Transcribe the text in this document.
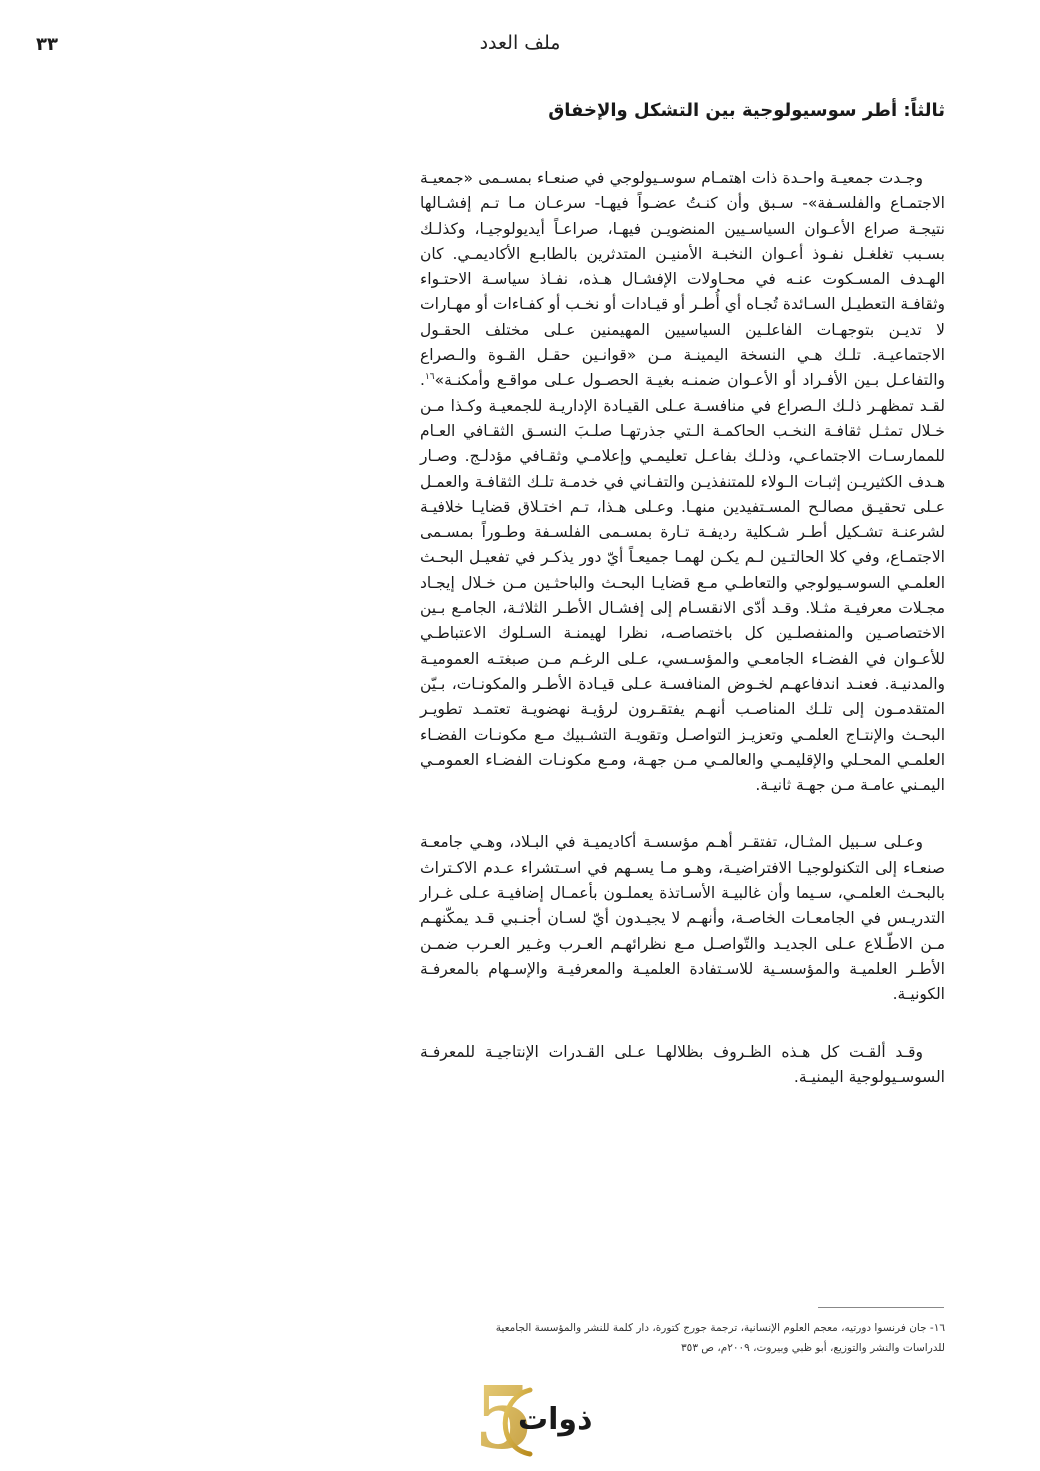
٣٣	ملف العدد
ثالثاً: أطر سوسيولوجية بين التشكل والإخفاق

وجـدت جمعيـة واحـدة ذات اهتمـام سوسـيولوجي في صنعـاء بمسـمى «جمعيـة الاجتمـاع والفلسـفة»- سـبق وأن كنـتُ عضـواً فيهـا- سرعـان مـا تـم إفشـالها نتيجـة صراع الأعـوان السياسـيين المنضويـن فيهـا، صراعـاً أيديولوجيـا، وكذلـك بسـبب تغلغـل نفـوذ أعـوان النخبـة الأمنيـن المتدثرين بالطابـع الأكاديمـي. كان الهـدف المسـكوت عنـه في محـاولات الإفشـال هـذه، نفـاذ سياسـة الاحتـواء وثقافـة التعطيـل السـائدة تُجـاه أي أُطـر أو قيـادات أو نخـب أو كفـاءات أو مهـارات لا تديـن بتوجهـات الفاعلـين السياسيين المهيمنين عـلى مختلف الحقـول الاجتماعيـة. تلـك هـي النسخة اليمينـة مـن «قوانـين حقـل القـوة والـصراع والتفاعـل بـين الأفـراد أو الأعـوان ضمنـه بغيـة الحصـول عـلى مواقـع وأمكنـة»$^{١٦}$. لقـد تمظهـر ذلـك الـصراع في منافسـة عـلى القيـادة الإداريـة للجمعيـة وكـذا مـن خـلال تمثـل ثقافـة النخـب الحاكمـة الـتي جذرتهـا صلـبَ النسـق الثقـافي العـام للممارسـات الاجتماعـي، وذلـك بفاعـل تعليمـي وإعلامـي وثقـافي مؤدلـج. وصـار هـدف الكثيريـن إثبـات الـولاء للمتنفذيـن والتفـاني في خدمـة تلـك الثقافـة والعمـل عـلى تحقيـق مصالـح المسـتفيدين منهـا. وعـلى هـذا، تـم اختـلاق قضايـا خلافيـة لشرعنـة تشـكيل أطـر شـكلية رديفـة تـارة بمسـمى الفلسـفة وطـوراً بمسـمى الاجتمـاع، وفي كلا الحالتـين لـم يكـن لهمـا جميعـاً أيّ دور يذكـر في تفعيـل البحـث العلمـي السوسـيولوجي والتعاطـي مـع قضايـا البحـث والباحثـين مـن خـلال إيجـاد مجـلات معرفيـة مثـلا. وقـد أدّى الانقسـام إلى إفشـال الأطـر الثلاثـة، الجامـع بـين الاختصاصـين والمنفصلـين كل باختصاصـه، نظرا لهيمنـة السـلوك الاعتباطـي للأعـوان في الفضـاء الجامعـي والمؤسـسي، عـلى الرغـم مـن صبغتـه العموميـة والمدنيـة. فعنـد اندفاعهـم لخـوض المنافسـة عـلى قيـادة الأطـر والمكونـات، بـيّن المتقدمـون إلى تلـك المناصـب أنهـم يفتقـرون لرؤيـة نهضويـة تعتمـد تطويـر البحـث والإنتـاج العلمـي وتعزيـز التواصـل وتقويـة التشـبيك مـع مكونـات الفضـاء العلمـي المحـلي والإقليمـي والعالمـي مـن جهـة، ومـع مكونـات الفضـاء العمومـي اليمـني عامـة مـن جهـة ثانيـة.

وعـلى سـبيل المثـال، تفتقـر أهـم مؤسسـة أكاديميـة في البـلاد، وهـي جامعـة صنعـاء إلى التكنولوجيـا الافتراضيـة، وهـو مـا يسـهم في اسـتشراء عـدم الاكـتراث بالبحـث العلمـي، سـيما وأن غالبيـة الأسـاتذة يعملـون بأعمـال إضافيـة عـلى غـرار التدريـس في الجامعـات الخاصـة، وأنهـم لا يجيـدون أيّ لسـان أجنـبي قـد يمكّنهـم مـن الاطّـلاع عـلى الجديـد والتّواصـل مـع نظرائهـم العـرب وغـير العـرب ضمـن الأطـر العلميـة والمؤسسـية للاسـتفادة العلميـة والمعرفيـة والإسـهام بالمعرفـة الكونيـة.

وقـد ألقـت كل هـذه الظـروف بظلالهـا عـلى القـدرات الإنتاجيـة للمعرفـة السوسـيولوجية اليمنيـة.

١٦- جان فرنسوا دورتيه، معجم العلوم الإنسانية، ترجمة جورج كتورة، دار كلمة للنشر والمؤسسة الجامعية
للدراسات والنشر والتوزيع، أبو ظبي وبيروت، ٢٠٠٩م، ص ٣٥٣
5
ذوات
